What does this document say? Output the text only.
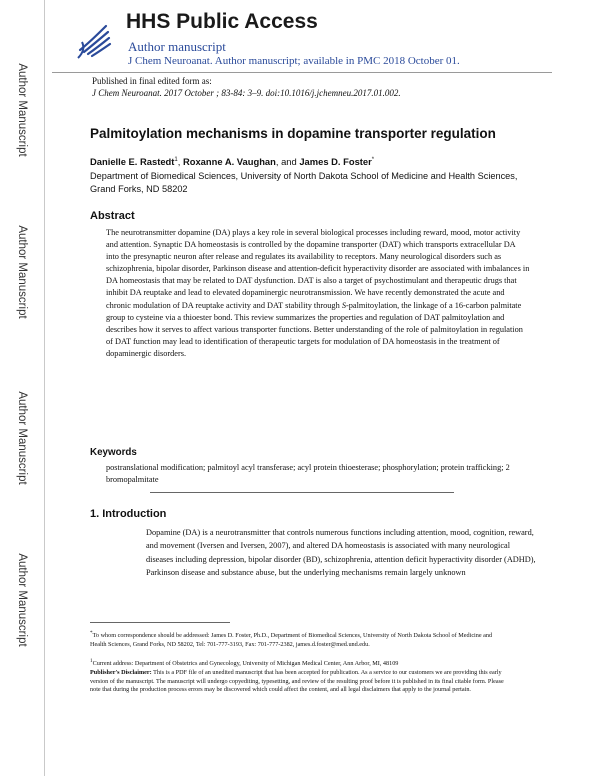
Author Manuscript
Author Manuscript
Author Manuscript
Author Manuscript
HHS Public Access
Author manuscript
J Chem Neuroanat. Author manuscript; available in PMC 2018 October 01.
Published in final edited form as:
J Chem Neuroanat. 2017 October ; 83-84: 3–9. doi:10.1016/j.jchemneu.2017.01.002.
Palmitoylation mechanisms in dopamine transporter regulation
Danielle E. Rastedt$^1$, Roxanne A. Vaughan, and James D. Foster*
Department of Biomedical Sciences, University of North Dakota School of Medicine and Health Sciences, Grand Forks, ND 58202
Abstract
The neurotransmitter dopamine (DA) plays a key role in several biological processes including reward, mood, motor activity and attention. Synaptic DA homeostasis is controlled by the dopamine transporter (DAT) which transports extracellular DA into the presynaptic neuron after release and regulates its availability to receptors. Many neurological disorders such as schizophrenia, bipolar disorder, Parkinson disease and attention-deficit hyperactivity disorder are associated with imbalances in DA homeostasis that may be related to DAT dysfunction. DAT is also a target of psychostimulant and therapeutic drugs that inhibit DA reuptake and lead to elevated dopaminergic neurotransmission. We have recently demonstrated the acute and chronic modulation of DA reuptake activity and DAT stability through S-palmitoylation, the linkage of a 16-carbon palmitate group to cysteine via a thioester bond. This review summarizes the properties and regulation of DAT palmitoylation and describes how it serves to affect various transporter functions. Better understanding of the role of palmitoylation in regulation of DAT function may lead to identification of therapeutic targets for modulation of DA homeostasis in the treatment of dopaminergic disorders.
Keywords
postranslational modification; palmitoyl acyl transferase; acyl protein thioesterase; phosphorylation; protein trafficking; 2 bromopalmitate
1. Introduction
Dopamine (DA) is a neurotransmitter that controls numerous functions including attention, mood, cognition, reward, and movement (Iversen and Iversen, 2007), and altered DA homeostasis is associated with many neurological diseases including depression, bipolar disorder (BD), schizophrenia, attention deficit hyperactivity disorder (ADHD), Parkinson disease and substance abuse, but the underlying mechanisms remain largely unknown
*To whom correspondence should be addressed: James D. Foster, Ph.D., Department of Biomedical Sciences, University of North Dakota School of Medicine and Health Sciences, Grand Forks, ND 58202, Tel: 701-777-3193, Fax: 701-777-2382, james.d.foster@med.und.edu.
$^1$Current address: Department of Obstetrics and Gynecology, University of Michigan Medical Center, Ann Arbor, MI, 48109
Publisher's Disclaimer: This is a PDF file of an unedited manuscript that has been accepted for publication. As a service to our customers we are providing this early version of the manuscript. The manuscript will undergo copyediting, typesetting, and review of the resulting proof before it is published in its final citable form. Please note that during the production process errors may be discovered which could affect the content, and all legal disclaimers that apply to the journal pertain.
